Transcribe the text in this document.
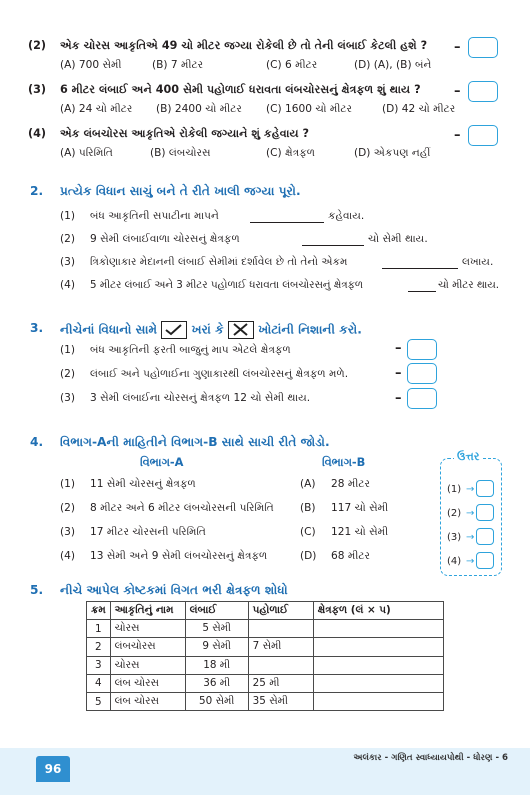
(2) એક ચોરસ આકૃતિએ 49 ચો મીટર જગ્યા રોકેલી છે તો તેની લંબાઈ કેટલી હશે ?
(A) 700 સેમી	(B) 7 મીટર	(C) 6 મીટર	(D) (A), (B) બંને
–
(3) 6 મીટર લંબાઈ અને 400 સેમી પહોળાઈ ધરાવતા લંબચોરસનું ક્ષેત્રફળ શું થાય ?
(A) 24 ચો મીટર (B) 2400 ચો મીટર (C) 1600 ચો મીટર	(D) 42 ચો મીટર
–
(4) એક લંબચોરસ આકૃતિએ રોકેલી જગ્યાને શું કહેવાય ?
(A) પરિમિતિ	(B) લંબચોરસ	(C) ક્ષેત્રફળ	(D) એકપણ નહીં
–
2. પ્રત્યેક વિધાન સાચું બને તે રીતે ખાલી જગ્યા પૂરો.
(1) બંધ આકૃતિની સપાટીના માપને	કહેવાય.
(2) 9 સેમી લંબાઈવાળા ચોરસનું ક્ષેત્રફળ	ચો સેમી થાય.
(3) ત્રિકોણાકાર મેદાનની લંબાઈ સેમીમાં દર્શાવેલ છે તો તેનો એકમ	લખાય.
(4) 5 મીટર લંબાઈ અને 3 મીટર પહોળાઈ ધરાવતા લંબચોરસનું ક્ષેત્રફળ	ચો મીટર થાય.
3. નીચેનાં વિધાનો સામે	ખરાં કે	ખોટાંની નિશાની કરો.
(1) બંધ આકૃતિની ફરતી બાજુનું માપ એટલે ક્ષેત્રફળ	–
(2) લંબાઈ અને પહોળાઈના ગુણાકારથી લંબચોરસનું ક્ષેત્રફળ મળે.	–
(3) 3 સેમી લંબાઈના ચોરસનું ક્ષેત્રફળ 12 ચો સેમી થાય.	–
4. વિભાગ-Aની માહિતીને વિભાગ-B સાથે સાચી રીતે જોડો.
વિભાગ-A	વિભાગ-B
(1) 11 સેમી ચોરસનું ક્ષેત્રફળ	(A) 28 મીટર
(2) 8 મીટર અને 6 મીટર લંબચોરસની પરિમિતિ (B) 117 ચો સેમી
(3) 17 મીટર ચોરસની પરિમિતિ	(C) 121 ચો સેમી
(4) 13 સેમી અને 9 સેમી લંબચોરસનું ક્ષેત્રફળ	(D) 68 મીટર
ઉત્તર
(1) →
(2) →
(3) →
(4) →
5. નીચે આપેલ કોષ્ટકમાં વિગત ભરી ક્ષેત્રફળ શોધો
ક્રમ	આકૃતિનું નામ	લંબાઈ	પહોળાઈ	ક્ષેત્રફળ (લં × પ)
1	ચોરસ	5 સેમી		
2	લંબચોરસ	9 સેમી	7 સેમી	
3	ચોરસ	18 મી		
4	લંબ ચોરસ	36 મી	25 મી	
5	લંબ ચોરસ	50 સેમી	35 સેમી	
96
અલંકાર - ગણિત સ્વાધ્યાયપોથી - ધોરણ - 6
